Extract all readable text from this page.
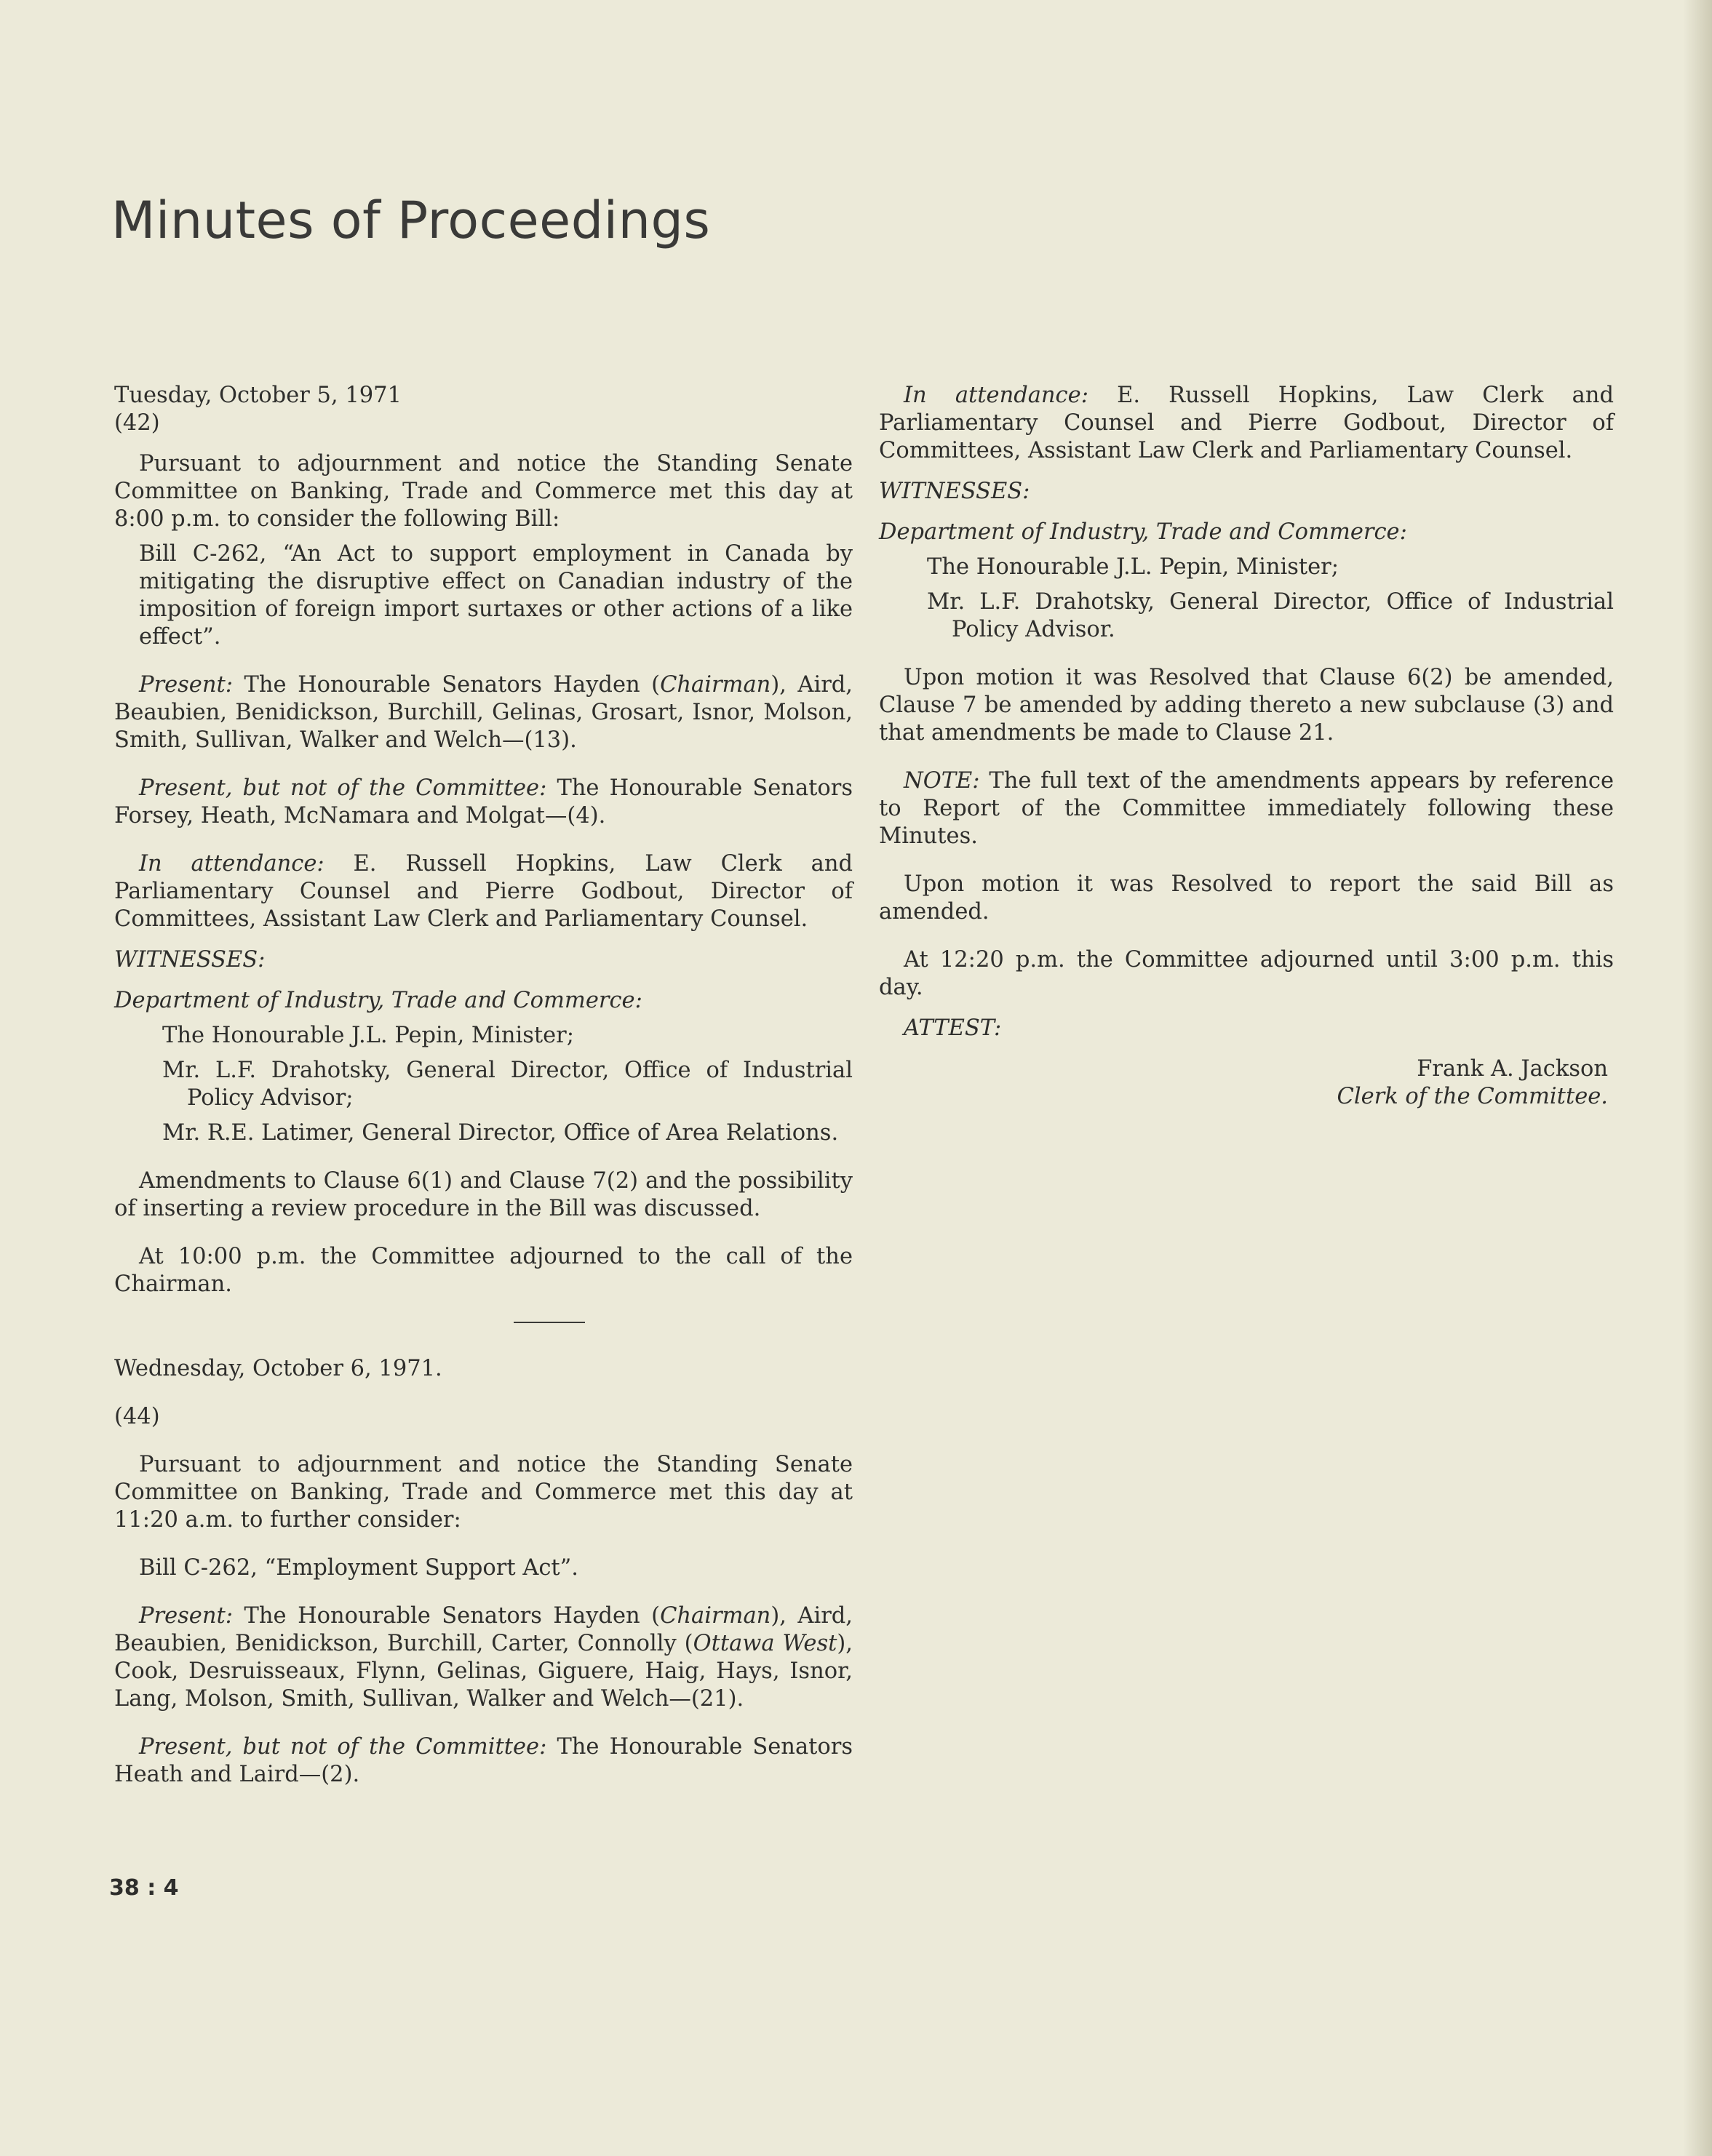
Minutes of Proceedings

Tuesday, October 5, 1971

(42)

Pursuant to adjournment and notice the Standing Senate Committee on Banking, Trade and Commerce met this day at 8:00 p.m. to consider the following Bill:

Bill C-262, “An Act to support employment in Canada by mitigating the disruptive effect on Canadian industry of the imposition of foreign import surtaxes or other actions of a like effect”.

Present: The Honourable Senators Hayden (Chairman), Aird, Beaubien, Benidickson, Burchill, Gelinas, Grosart, Isnor, Molson, Smith, Sullivan, Walker and Welch—(13).

Present, but not of the Committee: The Honourable Senators Forsey, Heath, McNamara and Molgat—(4).

In attendance: E. Russell Hopkins, Law Clerk and Parliamentary Counsel and Pierre Godbout, Director of Committees, Assistant Law Clerk and Parliamentary Counsel.

WITNESSES:

Department of Industry, Trade and Commerce:

The Honourable J.L. Pepin, Minister;

Mr. L.F. Drahotsky, General Director, Office of Industrial Policy Advisor;

Mr. R.E. Latimer, General Director, Office of Area Relations.

Amendments to Clause 6(1) and Clause 7(2) and the possibility of inserting a review procedure in the Bill was discussed.

At 10:00 p.m. the Committee adjourned to the call of the Chairman.

Wednesday, October 6, 1971.

(44)

Pursuant to adjournment and notice the Standing Senate Committee on Banking, Trade and Commerce met this day at 11:20 a.m. to further consider:

Bill C-262, “Employment Support Act”.

Present: The Honourable Senators Hayden (Chairman), Aird, Beaubien, Benidickson, Burchill, Carter, Connolly (Ottawa West), Cook, Desruisseaux, Flynn, Gelinas, Giguere, Haig, Hays, Isnor, Lang, Molson, Smith, Sullivan, Walker and Welch—(21).

Present, but not of the Committee: The Honourable Senators Heath and Laird—(2).

In attendance: E. Russell Hopkins, Law Clerk and Parliamentary Counsel and Pierre Godbout, Director of Committees, Assistant Law Clerk and Parliamentary Counsel.

WITNESSES:

Department of Industry, Trade and Commerce:

The Honourable J.L. Pepin, Minister;

Mr. L.F. Drahotsky, General Director, Office of Industrial Policy Advisor.

Upon motion it was Resolved that Clause 6(2) be amended, Clause 7 be amended by adding thereto a new subclause (3) and that amendments be made to Clause 21.

NOTE: The full text of the amendments appears by reference to Report of the Committee immediately following these Minutes.

Upon motion it was Resolved to report the said Bill as amended.

At 12:20 p.m. the Committee adjourned until 3:00 p.m. this day.

ATTEST:

Frank A. Jackson

Clerk of the Committee.

38 : 4
